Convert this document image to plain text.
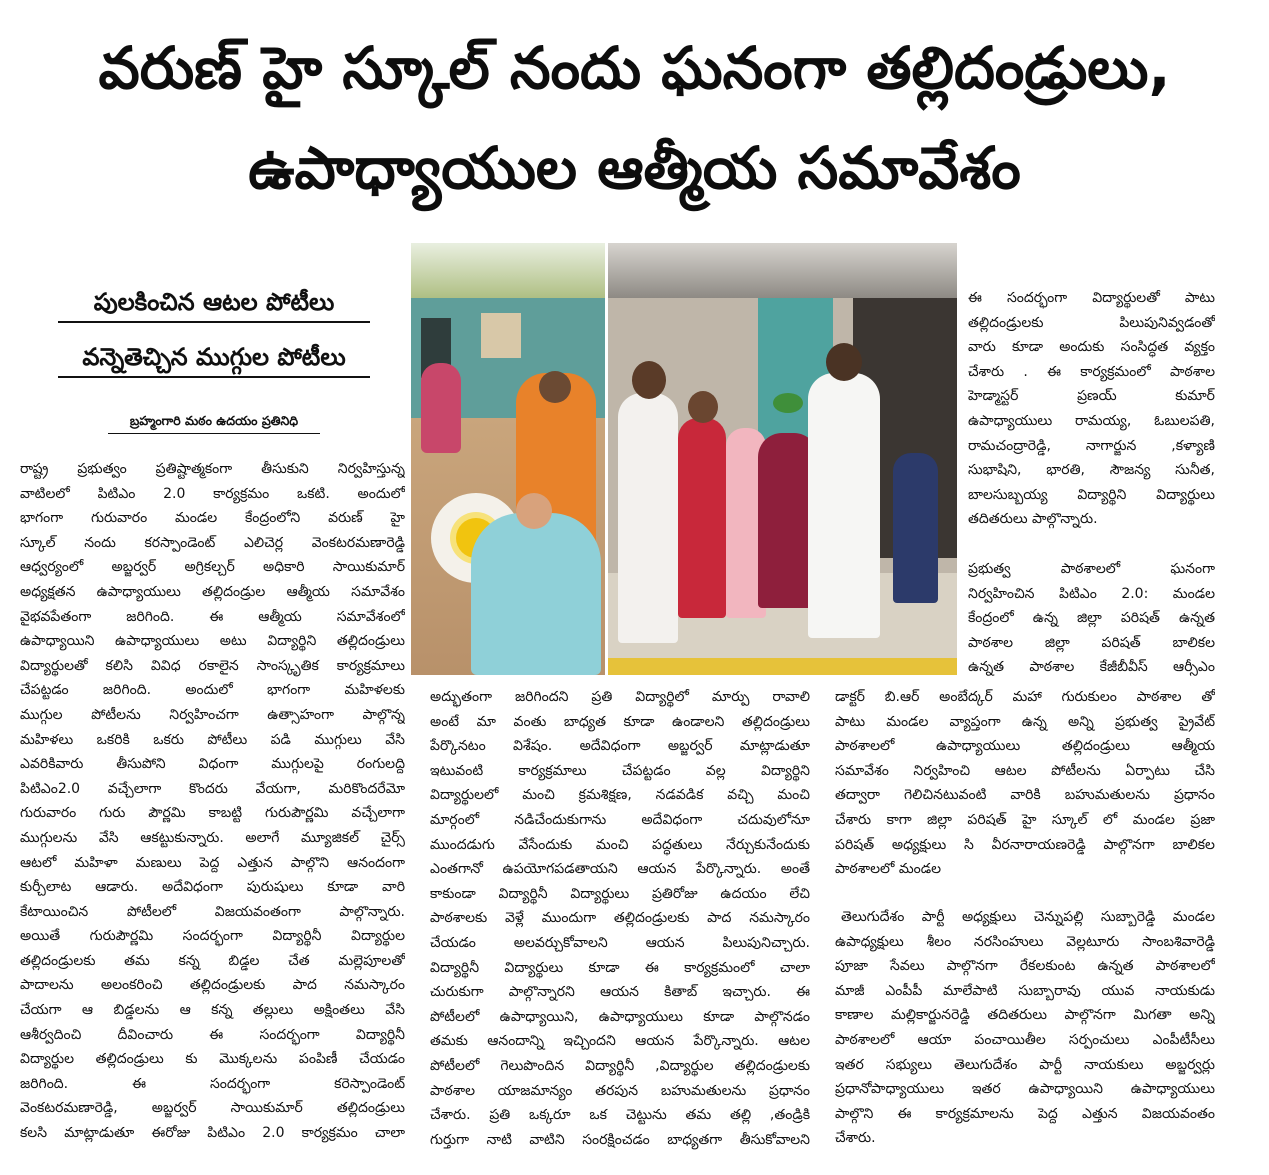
వరుణ్ హై స్కూల్ నందు ఘనంగా తల్లిదండ్రులు,
ఉపాధ్యాయుల ఆత్మీయ సమావేశం
పులకించిన ఆటల పోటీలు
వన్నెతెచ్చిన ముగ్గుల పోటీలు
బ్రహ్మంగారి మఠం ఉదయం ప్రతినిధి
రాష్ట్ర ప్రభుత్వం ప్రతిష్టాత్మకంగా తీసుకుని నిర్వహిస్తున్న
వాటిలలో పిటిఎం 2.0 కార్యక్రమం ఒకటి. అందులో
భాగంగా గురువారం మండల కేంద్రంలోని వరుణ్ హై
స్కూల్ నందు కరస్పాండెంట్ ఎలిచెర్ల వెంకటరమణారెడ్డి
ఆధ్వర్యంలో అబ్జర్వర్ అగ్రికల్చర్ అధికారి సాయికుమార్
అధ్యక్షతన ఉపాధ్యాయులు తల్లిదండ్రుల ఆత్మీయ సమావేశం
వైభవపేతంగా జరిగింది. ఈ ఆత్మీయ సమావేశంలో
ఉపాధ్యాయిని ఉపాధ్యాయులు అటు విద్యార్థిని తల్లిదండ్రులు
విద్యార్థులతో కలిసి వివిధ రకాలైన సాంస్కృతిక కార్యక్రమాలు
చేపట్టడం జరిగింది. అందులో భాగంగా మహిళలకు
ముగ్గుల పోటీలను నిర్వహించగా ఉత్సాహంగా పాల్గొన్న
మహిళలు ఒకరికి ఒకరు పోటీలు పడి ముగ్గులు వేసి
ఎవరికివారు తీసుపోని విధంగా ముగ్గులపై రంగులద్ది
పిటిఎం2.0 వచ్చేలాగా కొందరు వేయగా, మరికొందరేమో
గురువారం గురు పౌర్ణమి కాబట్టి గురుపౌర్ణమి వచ్చేలాగా
ముగ్గులను వేసి ఆకట్టుకున్నారు. అలాగే మ్యూజికల్ చైర్స్
ఆటలో మహిళా మణులు పెద్ద ఎత్తున పాల్గొని ఆనందంగా
కుర్చీలాట ఆడారు. అదేవిధంగా పురుషులు కూడా వారి
కేటాయించిన పోటీలలో విజయవంతంగా పాల్గొన్నారు.
అయితే గురుపౌర్ణమి సందర్భంగా విద్యార్థినీ విద్యార్థుల
తల్లిదండ్రులకు తమ కన్న బిడ్డల చేత మల్లెపూలతో
పాదాలను అలంకరించి తల్లిదండ్రులకు పాద నమస్కారం
చేయగా ఆ బిడ్డలను ఆ కన్న తల్లులు అక్షింతలు వేసి
ఆశీర్వదించి దీవించారు ఈ సందర్భంగా విద్యార్థినీ
విద్యార్థుల తల్లిదండ్రులు కు మొక్కలను పంపిణీ చేయడం
జరిగింది. ఈ సందర్భంగా కరెస్పాండెంట్
వెంకటరమణారెడ్డి, అబ్జర్వర్ సాయికుమార్ తల్లిదండ్రులు
కలసి మాట్లాడుతూ ఈరోజు పిటిఎం 2.0 కార్యక్రమం చాలా
అద్భుతంగా జరిగిందని ప్రతి విద్యార్థిలో మార్పు రావాలి
అంటే మా వంతు బాధ్యత కూడా ఉండాలని తల్లిదండ్రులు
పేర్కొనటం విశేషం. అదేవిధంగా అబ్జర్వర్ మాట్లాడుతూ
ఇటువంటి కార్యక్రమాలు చేపట్టడం వల్ల విద్యార్థిని
విద్యార్థులలో మంచి క్రమశిక్షణ, నడవడిక వచ్చి మంచి
మార్గంలో నడిచేందుకుగాను అదేవిధంగా చదువులోనూ
ముందడుగు వేసేందుకు మంచి పద్ధతులు నేర్చుకునేందుకు
ఎంతగానో ఉపయోగపడతాయని ఆయన పేర్కొన్నారు. అంతే
కాకుండా విద్యార్థినీ విద్యార్థులు ప్రతిరోజు ఉదయం లేచి
పాఠశాలకు వెళ్లే ముందుగా తల్లిదండ్రులకు పాద నమస్కారం
చేయడం అలవర్చుకోవాలని ఆయన పిలుపునిచ్చారు.
విద్యార్థినీ విద్యార్థులు కూడా ఈ కార్యక్రమంలో చాలా
చురుకుగా పాల్గొన్నారని ఆయన కితాబ్ ఇచ్చారు. ఈ
పోటీలలో ఉపాధ్యాయిని, ఉపాధ్యాయులు కూడా పాల్గొనడం
తమకు ఆనందాన్ని ఇచ్చిందని ఆయన పేర్కొన్నారు. ఆటల
పోటీలలో గెలుపొందిన విద్యార్థినీ ,విద్యార్థుల తల్లిదండ్రులకు
పాఠశాల యాజమాన్యం తరపున బహుమతులను ప్రధానం
చేశారు. ప్రతి ఒక్కరూ ఒక చెట్టును తమ తల్లి ,తండ్రికి
గుర్తుగా నాటి వాటిని సంరక్షించడం బాధ్యతగా తీసుకోవాలని
ఈ సందర్భంగా విద్యార్థులతో పాటు
తల్లిదండ్రులకు పిలుపునివ్వడంతో
వారు కూడా అందుకు సంసిద్ధత వ్యక్తం
చేశారు . ఈ కార్యక్రమంలో పాఠశాల
హెడ్మాస్టర్ ప్రణయ్ కుమార్
ఉపాధ్యాయులు రామయ్య, ఓబులపతి,
రామచంద్రారెడ్డి, నాగార్జున ,కళ్యాణి
సుభాషిని, భారతి, సౌజన్య సునీత,
బాలసుబ్బయ్య విద్యార్థిని విద్యార్థులు
తదితరులు పాల్గొన్నారు.
ప్రభుత్వ పాఠశాలలో ఘనంగా
నిర్వహించిన పిటిఎం 2.0: మండల
కేంద్రంలో ఉన్న జిల్లా పరిషత్ ఉన్నత
పాఠశాల జిల్లా పరిషత్ బాలికల
ఉన్నత పాఠశాల కేజీబీవీస్ ఆర్సీఎం
డాక్టర్ బి.ఆర్ అంబేద్కర్ మహా గురుకులం పాఠశాల తో
పాటు మండల వ్యాప్తంగా ఉన్న అన్ని ప్రభుత్వ ప్రైవేట్
పాఠశాలలో ఉపాధ్యాయులు తల్లిదండ్రులు ఆత్మీయ
సమావేశం నిర్వహించి ఆటల పోటీలను ఏర్పాటు చేసి
తద్వారా గెలిచినటువంటి వారికి బహుమతులను ప్రధానం
చేశారు కాగా జిల్లా పరిషత్ హై స్కూల్ లో మండల ప్రజా
పరిషత్ అధ్యక్షులు సి వీరనారాయణరెడ్డి పాల్గొనగా బాలికల
పాఠశాలలో మండల
తెలుగుదేశం పార్టీ అధ్యక్షులు చెన్నుపల్లి సుబ్బారెడ్డి మండల
ఉపాధ్యక్షులు శీలం నరసింహులు వెల్లటూరు సాంబశివారెడ్డి
పూజా సేవలు పాల్గొనగా రేకలకుంట ఉన్నత పాఠశాలలో
మాజీ ఎంపీపీ మాలేపాటి సుబ్బారావు యువ నాయకుడు
కాణాల మల్లికార్జునరెడ్డి తదితరులు పాల్గొనగా మిగతా అన్ని
పాఠశాలలో ఆయా పంచాయితీల సర్పంచులు ఎంపీటీసీలు
ఇతర సభ్యులు తెలుగుదేశం పార్టీ నాయకులు అబ్జర్వర్లు
ప్రధానోపాధ్యాయులు ఇతర ఉపాధ్యాయిని ఉపాధ్యాయులు
పాల్గొని ఈ కార్యక్రమాలను పెద్ద ఎత్తున విజయవంతం
చేశారు.
